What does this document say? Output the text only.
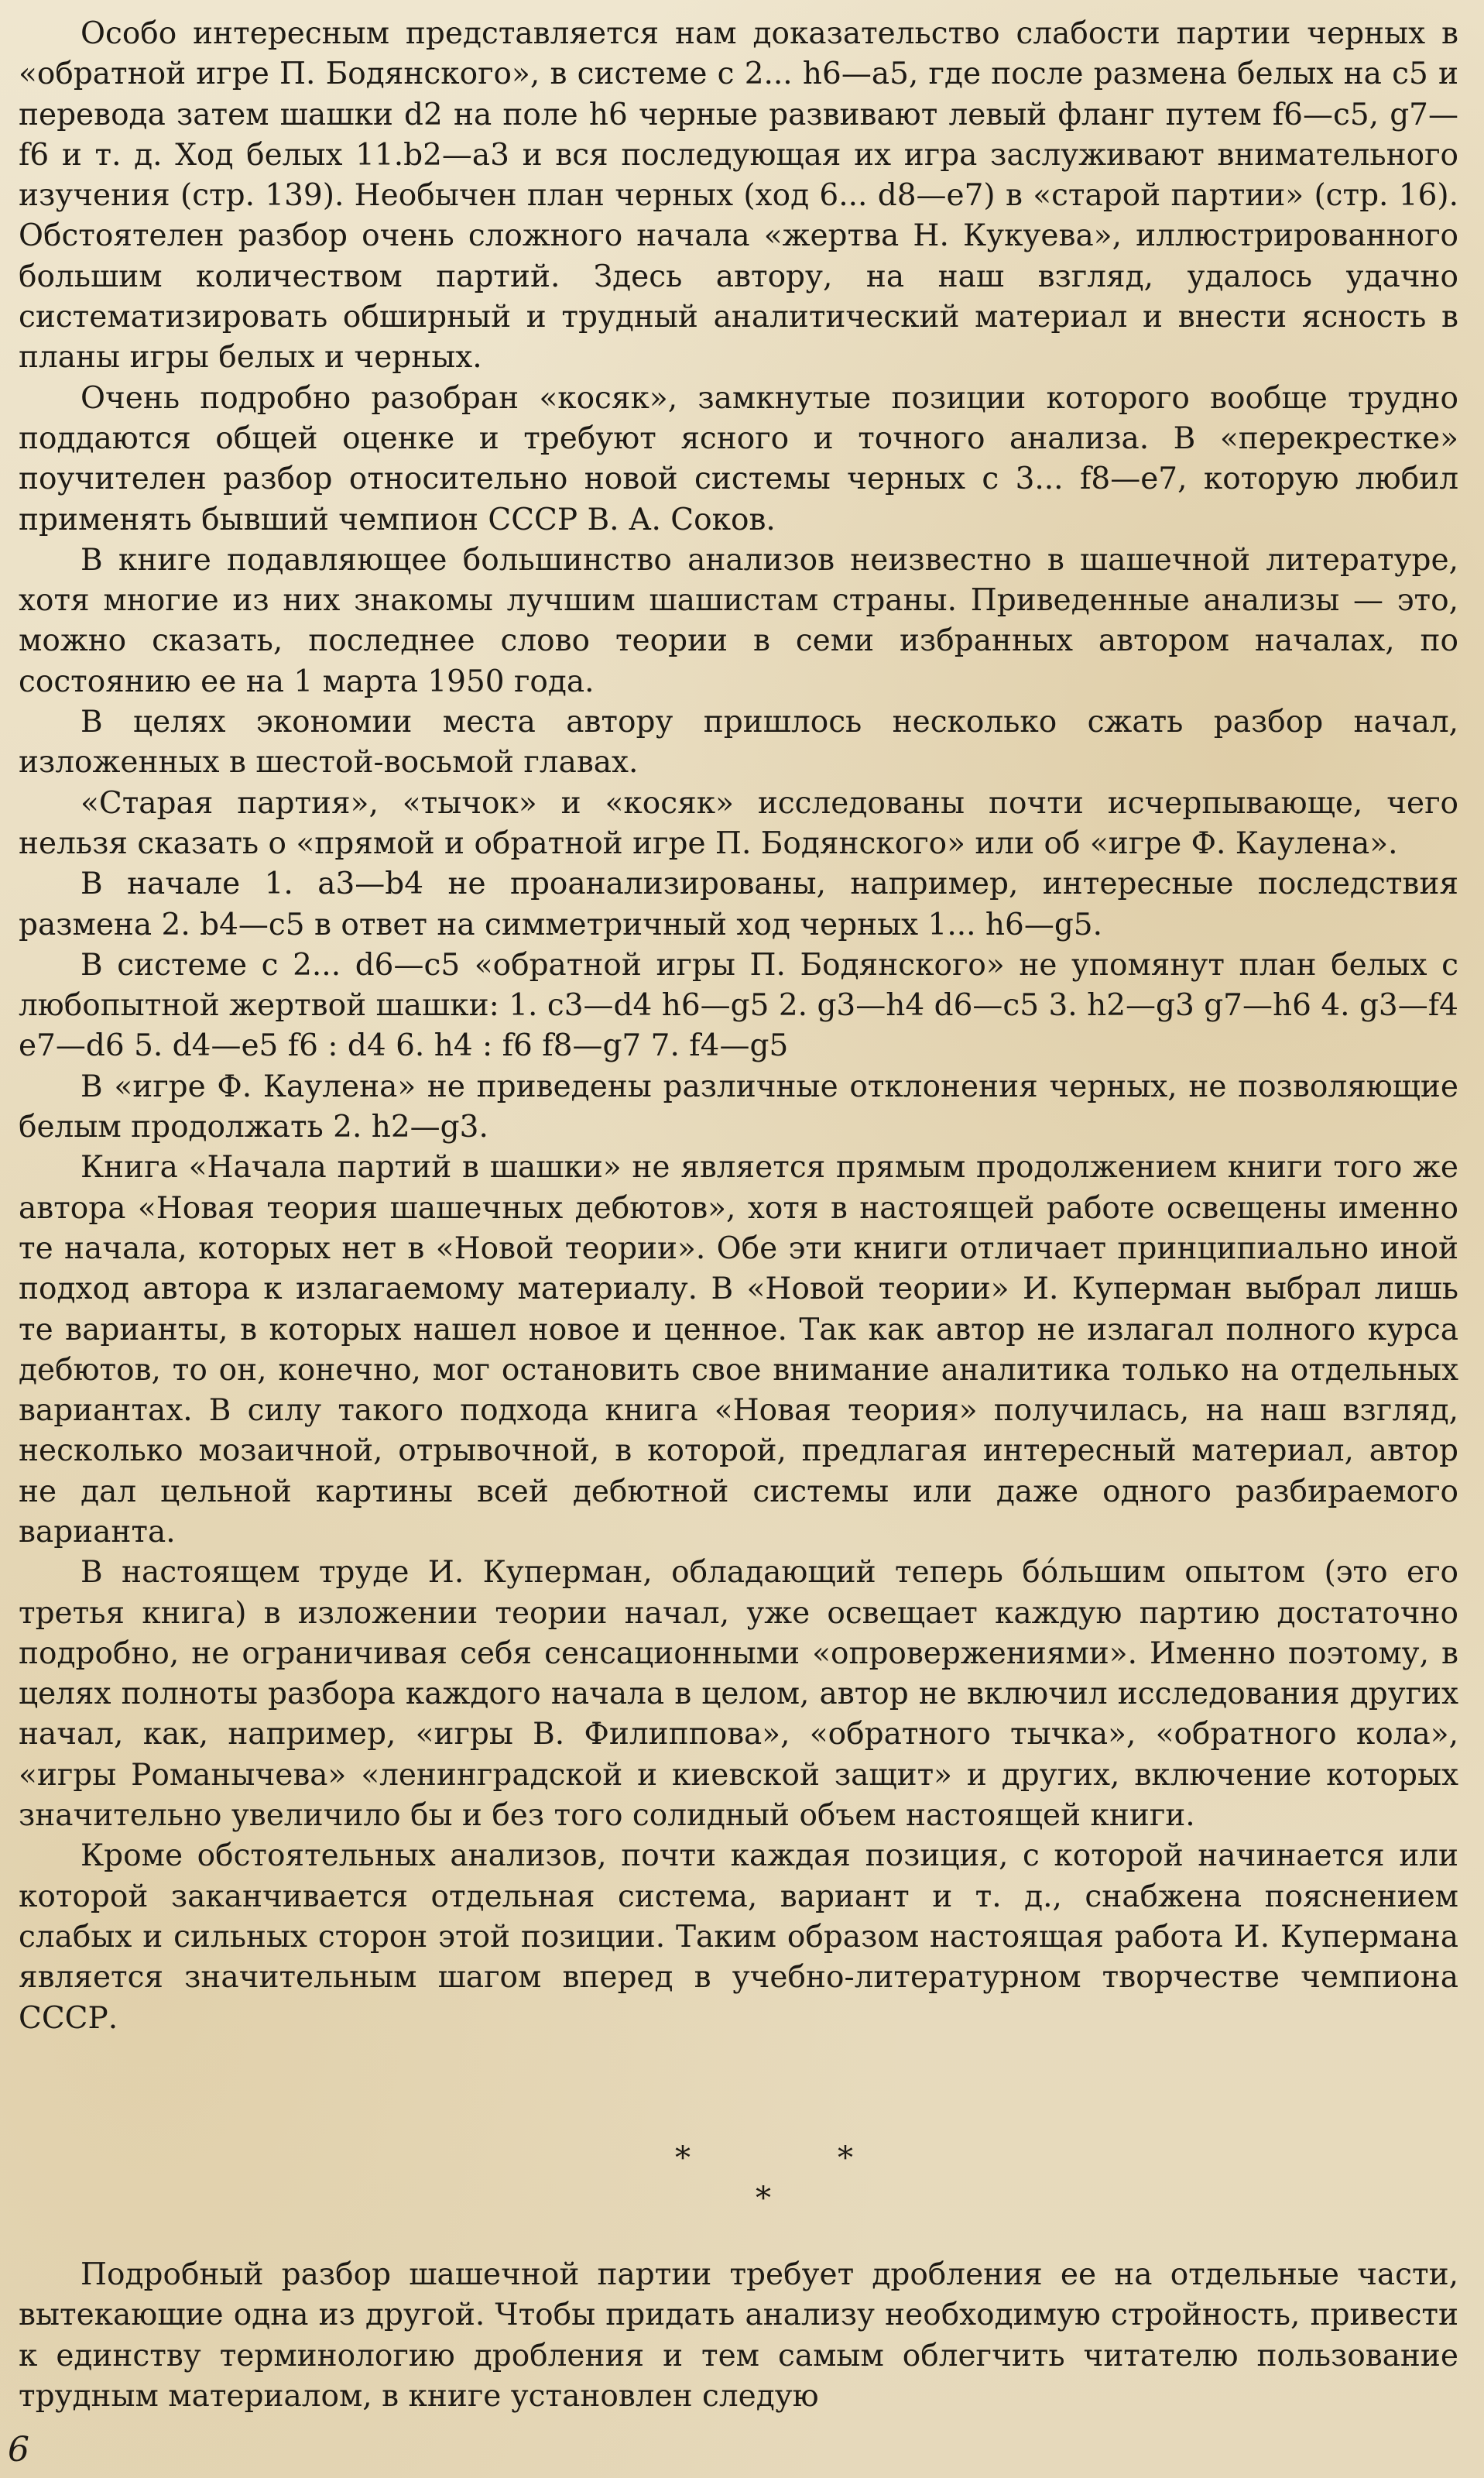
Особо интересным представляется нам доказательство слабости партии черных в «обратной игре П. Бодянского», в системе с 2... h6—a5, где после размена белых на c5 и перевода затем шашки d2 на поле h6 черные развивают левый фланг путем f6—c5, g7—f6 и т. д. Ход белых 11.b2—a3 и вся последующая их игра заслуживают внимательного изучения (стр. 139). Необычен план черных (ход 6... d8—e7) в «старой партии» (стр. 16). Обстоятелен разбор очень сложного начала «жертва Н. Кукуева», иллюстрированного большим количеством партий. Здесь автору, на наш взгляд, удалось удачно систематизировать обширный и трудный аналитический материал и внести ясность в планы игры белых и черных.

Очень подробно разобран «косяк», замкнутые позиции которого вообще трудно поддаются общей оценке и требуют ясного и точного анализа. В «перекрестке» поучителен разбор относительно новой системы черных с 3... f8—e7, которую любил применять бывший чемпион СССР В. А. Соков.

В книге подавляющее большинство анализов неизвестно в шашечной литературе, хотя многие из них знакомы лучшим шашистам страны. Приведенные анализы — это, можно сказать, последнее слово теории в семи избранных автором началах, по состоянию ее на 1 марта 1950 года.

В целях экономии места автору пришлось несколько сжать разбор начал, изложенных в шестой-восьмой главах.

«Старая партия», «тычок» и «косяк» исследованы почти исчерпывающе, чего нельзя сказать о «прямой и обратной игре П. Бодянского» или об «игре Ф. Каулена».

В начале 1. a3—b4 не проанализированы, например, интересные последствия размена 2. b4—c5 в ответ на симметричный ход черных 1... h6—g5.

В системе с 2... d6—c5 «обратной игры П. Бодянского» не упомянут план белых с любопытной жертвой шашки: 1. c3—d4 h6—g5 2. g3—h4 d6—c5 3. h2—g3 g7—h6 4. g3—f4 e7—d6 5. d4—e5 f6 : d4 6. h4 : f6 f8—g7 7. f4—g5

В «игре Ф. Каулена» не приведены различные отклонения черных, не позволяющие белым продолжать 2. h2—g3.

Книга «Начала партий в шашки» не является прямым продолжением книги того же автора «Новая теория шашечных дебютов», хотя в настоящей работе освещены именно те начала, которых нет в «Новой теории». Обе эти книги отличает принципиально иной подход автора к излагаемому материалу. В «Новой теории» И. Куперман выбрал лишь те варианты, в которых нашел новое и ценное. Так как автор не излагал полного курса дебютов, то он, конечно, мог остановить свое внимание аналитика только на отдельных вариантах. В силу такого подхода книга «Новая теория» получилась, на наш взгляд, несколько мозаичной, отрывочной, в которой, предлагая интересный материал, автор не дал цельной картины всей дебютной системы или даже одного разбираемого варианта.

В настоящем труде И. Куперман, обладающий теперь бо́льшим опытом (это его третья книга) в изложении теории начал, уже освещает каждую партию достаточно подробно, не ограничивая себя сенсационными «опровержениями». Именно поэтому, в целях полноты разбора каждого начала в целом, автор не включил исследования других начал, как, например, «игры В. Филиппова», «обратного тычка», «обратного кола», «игры Романычева» «ленинградской и киевской защит» и других, включение которых значительно увеличило бы и без того солидный объем настоящей книги.

Кроме обстоятельных анализов, почти каждая позиция, с которой начинается или которой заканчивается отдельная система, вариант и т. д., снабжена пояснением слабых и сильных сторон этой позиции. Таким образом настоящая работа И. Купермана является значительным шагом вперед в учебно-литературном творчестве чемпиона СССР.

*	*
*

Подробный разбор шашечной партии требует дробления ее на отдельные части, вытекающие одна из другой. Чтобы придать анализу необходимую стройность, привести к единству терминологию дробления и тем самым облегчить читателю пользование трудным материалом, в книге установлен следую

6
